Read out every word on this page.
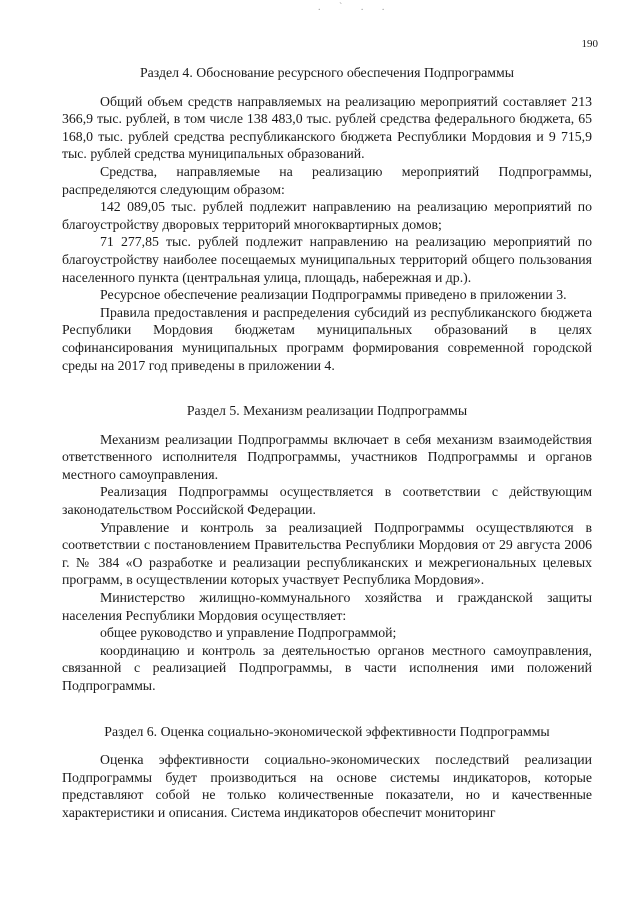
. ` . .
190
Раздел 4. Обоснование ресурсного обеспечения Подпрограммы

Общий объем средств направляемых на реализацию мероприятий составляет 213 366,9 тыс. рублей, в том числе 138 483,0 тыс. рублей средства федерального бюджета, 65 168,0 тыс. рублей средства республиканского бюджета Республики Мордовия и 9 715,9 тыс. рублей средства муниципальных образований.

Средства, направляемые на реализацию мероприятий Подпрограммы, распределяются следующим образом:

142 089,05 тыс. рублей подлежит направлению на реализацию мероприятий по благоустройству дворовых территорий многоквартирных домов;

71 277,85 тыс. рублей подлежит направлению на реализацию мероприятий по благоустройству наиболее посещаемых муниципальных территорий общего пользования населенного пункта (центральная улица, площадь, набережная и др.).

Ресурсное обеспечение реализации Подпрограммы приведено в приложении 3.

Правила предоставления и распределения субсидий из республиканского бюджета Республики Мордовия бюджетам муниципальных образований в целях софинансирования муниципальных программ формирования современной городской среды на 2017 год приведены в приложении 4.

Раздел 5. Механизм реализации Подпрограммы

Механизм реализации Подпрограммы включает в себя механизм взаимодействия ответственного исполнителя Подпрограммы, участников Подпрограммы и органов местного самоуправления.

Реализация Подпрограммы осуществляется в соответствии с действующим законодательством Российской Федерации.

Управление и контроль за реализацией Подпрограммы осуществляются в соответствии с постановлением Правительства Республики Мордовия от 29 августа 2006 г. № 384 «О разработке и реализации республиканских и межрегиональных целевых программ, в осуществлении которых участвует Республика Мордовия».

Министерство жилищно-коммунального хозяйства и гражданской защиты населения Республики Мордовия осуществляет:

общее руководство и управление Подпрограммой;

координацию и контроль за деятельностью органов местного самоуправления, связанной с реализацией Подпрограммы, в части исполнения ими положений Подпрограммы.

Раздел 6. Оценка социально-экономической эффективности Подпрограммы

Оценка эффективности социально-экономических последствий реализации Подпрограммы будет производиться на основе системы индикаторов, которые представляют собой не только количественные показатели, но и качественные характеристики и описания. Система индикаторов обеспечит мониторинг
